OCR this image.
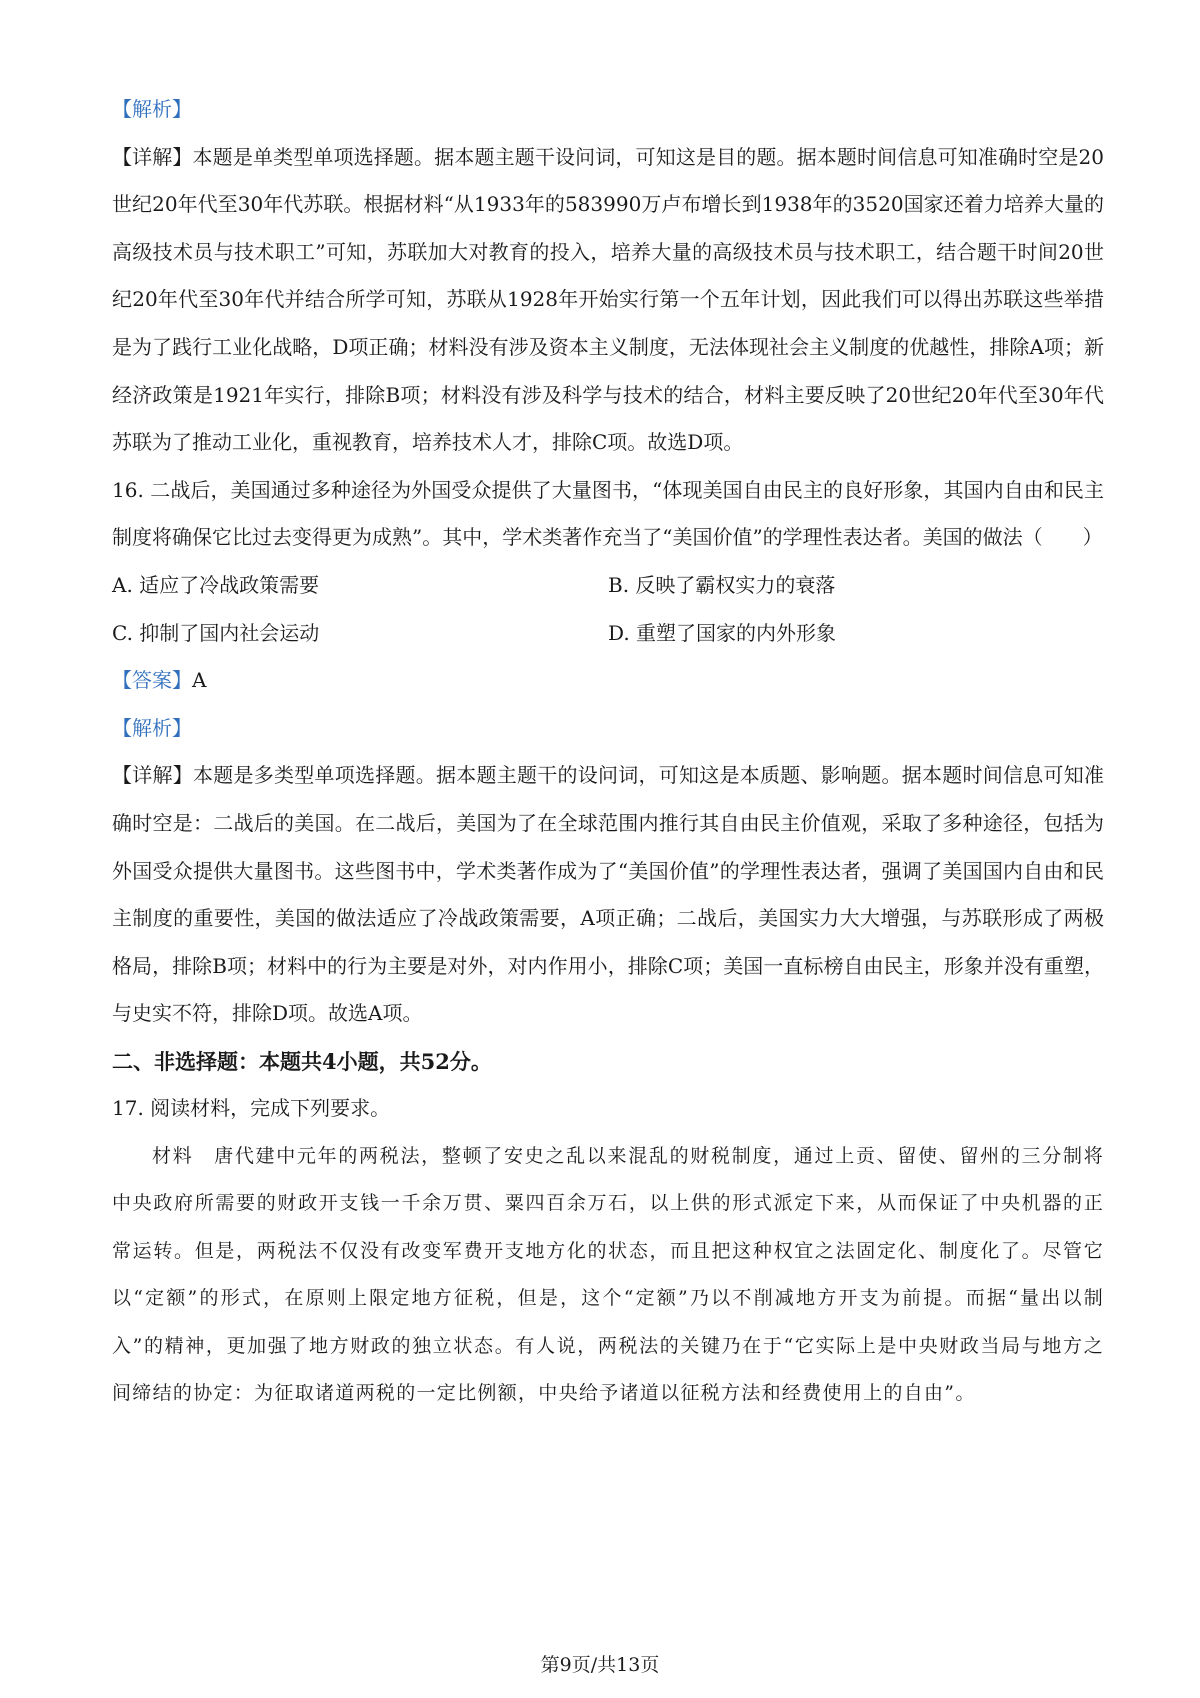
【解析】

【详解】本题是单类型单项选择题。据本题主题干设问词，可知这是目的题。据本题时间信息可知准确时空是20世纪20年代至30年代苏联。根据材料“从1933年的583990万卢布增长到1938年的3520国家还着力培养大量的高级技术员与技术职工”可知，苏联加大对教育的投入，培养大量的高级技术员与技术职工，结合题干时间20世纪20年代至30年代并结合所学可知，苏联从1928年开始实行第一个五年计划，因此我们可以得出苏联这些举措是为了践行工业化战略，D项正确；材料没有涉及资本主义制度，无法体现社会主义制度的优越性，排除A项；新经济政策是1921年实行，排除B项；材料没有涉及科学与技术的结合，材料主要反映了20世纪20年代至30年代苏联为了推动工业化，重视教育，培养技术人才，排除C项。故选D项。

16. 二战后，美国通过多种途径为外国受众提供了大量图书，“体现美国自由民主的良好形象，其国内自由和民主制度将确保它比过去变得更为成熟”。其中，学术类著作充当了“美国价值”的学理性表达者。美国的做法（　　）

A. 适应了冷战政策需要	B. 反映了霸权实力的衰落
C. 抑制了国内社会运动	D. 重塑了国家的内外形象

【答案】A

【解析】

【详解】本题是多类型单项选择题。据本题主题干的设问词，可知这是本质题、影响题。据本题时间信息可知准确时空是：二战后的美国。在二战后，美国为了在全球范围内推行其自由民主价值观，采取了多种途径，包括为外国受众提供大量图书。这些图书中，学术类著作成为了“美国价值”的学理性表达者，强调了美国国内自由和民主制度的重要性，美国的做法适应了冷战政策需要，A项正确；二战后，美国实力大大增强，与苏联形成了两极格局，排除B项；材料中的行为主要是对外，对内作用小，排除C项；美国一直标榜自由民主，形象并没有重塑，与史实不符，排除D项。故选A项。

二、非选择题：本题共4小题，共52分。

17. 阅读材料，完成下列要求。

材料　唐代建中元年的两税法，整顿了安史之乱以来混乱的财税制度，通过上贡、留使、留州的三分制将中央政府所需要的财政开支钱一千余万贯、粟四百余万石，以上供的形式派定下来，从而保证了中央机器的正常运转。但是，两税法不仅没有改变军费开支地方化的状态，而且把这种权宜之法固定化、制度化了。尽管它以“定额”的形式，在原则上限定地方征税，但是，这个“定额”乃以不削减地方开支为前提。而据“量出以制入”的精神，更加强了地方财政的独立状态。有人说，两税法的关键乃在于“它实际上是中央财政当局与地方之间缔结的协定：为征取诸道两税的一定比例额，中央给予诸道以征税方法和经费使用上的自由”。

第9页/共13页
